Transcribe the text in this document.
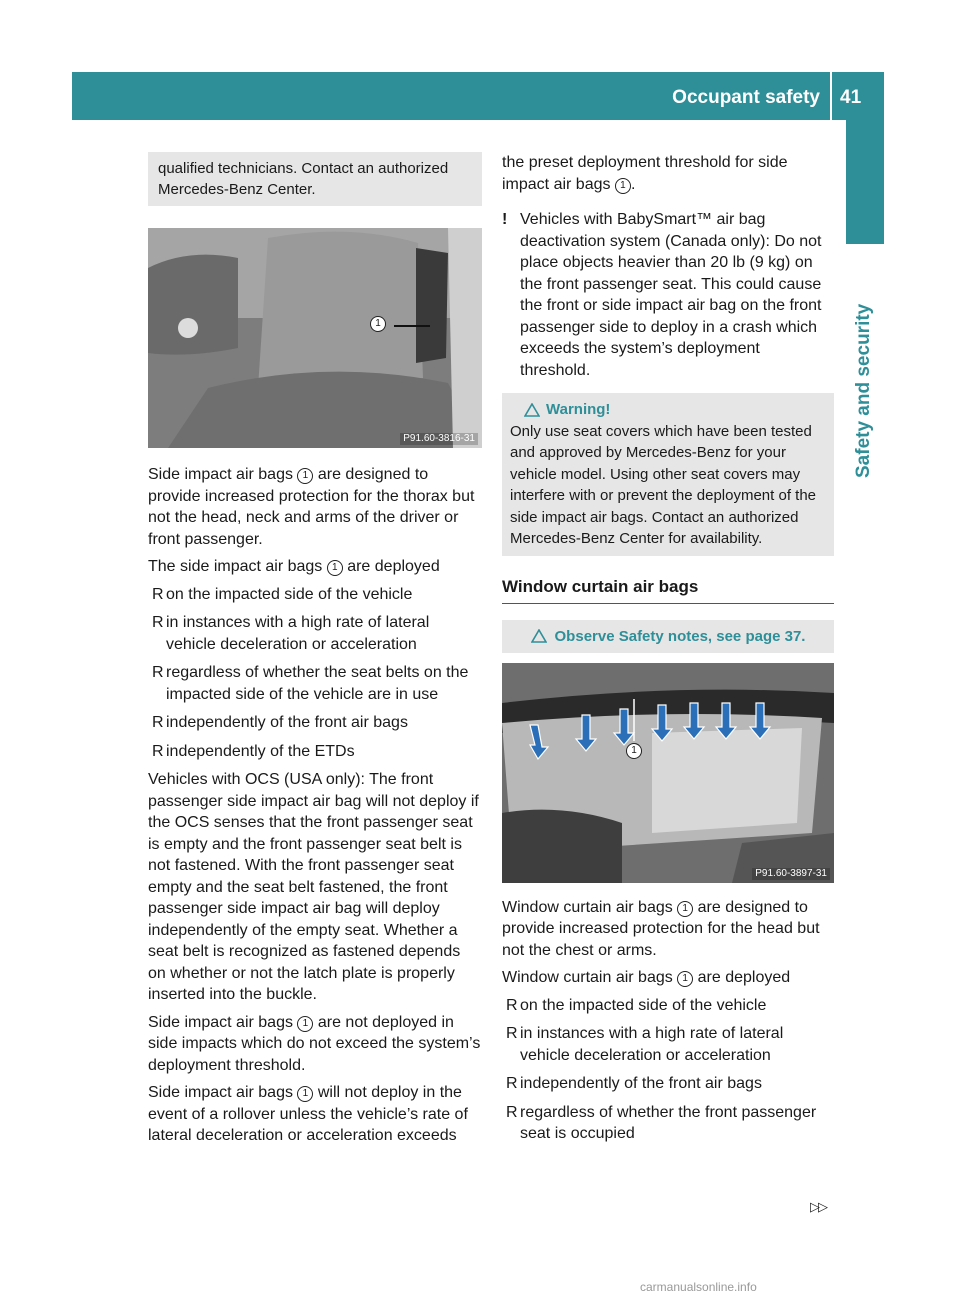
Occupant safety 41
Safety and security
qualified technicians. Contact an authorized Mercedes-Benz Center.
1
P91.60-3816-31

Side impact air bags 1 are designed to provide increased protection for the thorax but not the head, neck and arms of the driver or front passenger.

The side impact air bags 1 are deployed

R on the impacted side of the vehicle
R in instances with a high rate of lateral vehicle deceleration or acceleration
R regardless of whether the seat belts on the impacted side of the vehicle are in use
R independently of the front air bags
R independently of the ETDs

Vehicles with OCS (USA only): The front passenger side impact air bag will not deploy if the OCS senses that the front passenger seat is empty and the front passenger seat belt is not fastened. With the front passenger seat empty and the seat belt fastened, the front passenger side impact air bag will deploy independently of the empty seat. Whether a seat belt is recognized as fastened depends on whether or not the latch plate is properly inserted into the buckle.

Side impact air bags 1 are not deployed in side impacts which do not exceed the system’s deployment threshold.

Side impact air bags 1 will not deploy in the event of a rollover unless the vehicle’s rate of lateral deceleration or acceleration exceeds

the preset deployment threshold for side impact air bags 1 .

! Vehicles with BabySmart™ air bag deactivation system (Canada only): Do not place objects heavier than 20 lb (9 kg) on the front passenger seat. This could cause the front or side impact air bag on the front passenger side to deploy in a crash which exceeds the system’s deployment threshold.
Warning!
Only use seat covers which have been tested and approved by Mercedes-Benz for your vehicle model. Using other seat covers may interfere with or prevent the deployment of the side impact air bags. Contact an authorized Mercedes-Benz Center for availability.
Window curtain air bags
Observe Safety notes, see page 37.
1
P91.60-3897-31

Window curtain air bags 1 are designed to provide increased protection for the head but not the chest or arms.

Window curtain air bags 1 are deployed

R on the impacted side of the vehicle
R in instances with a high rate of lateral vehicle deceleration or acceleration
R independently of the front air bags
R regardless of whether the front passenger seat is occupied
▷▷
carmanualsonline.info
